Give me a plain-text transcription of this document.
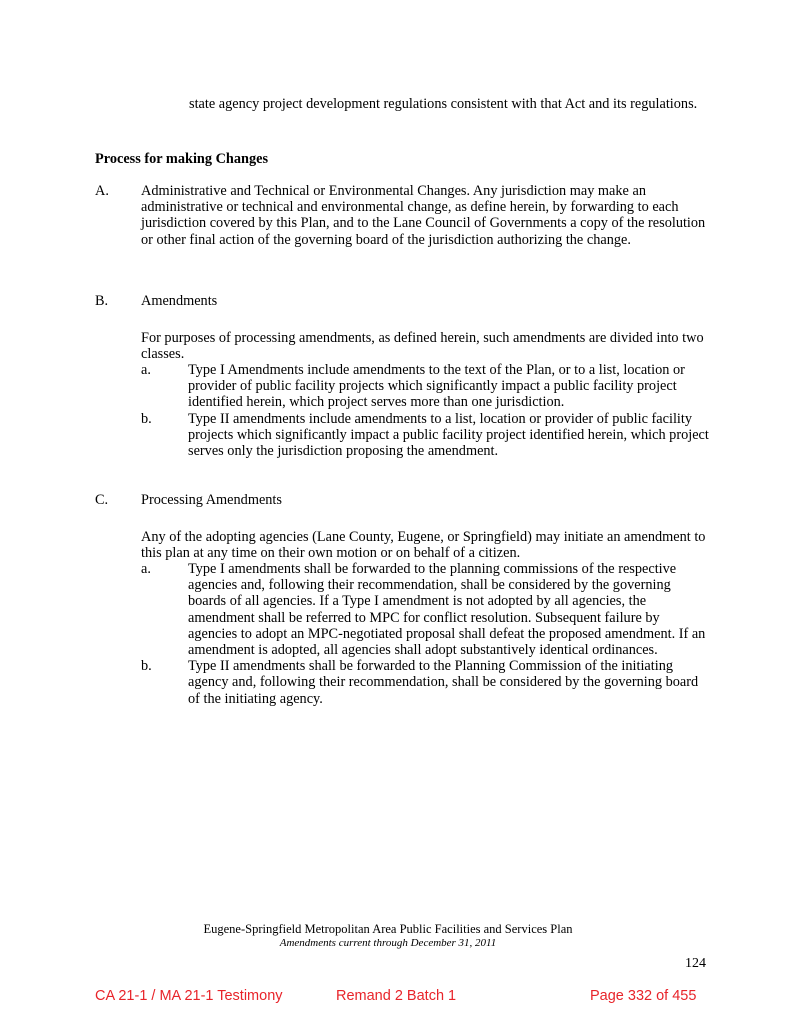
state agency project development regulations consistent with that Act and its regulations.

Process for making Changes

A.	Administrative and Technical or Environmental Changes. Any jurisdiction may make an administrative or technical and environmental change, as define herein, by forwarding to each jurisdiction covered by this Plan, and to the Lane Council of Governments a copy of the resolution or other final action of the governing board of the jurisdiction authorizing the change.

B.	Amendments

For purposes of processing amendments, as defined herein, such amendments are divided into two classes.

a.	Type I Amendments include amendments to the text of the Plan, or to a list, location or provider of public facility projects which significantly impact a public facility project identified herein, which project serves more than one jurisdiction.

b.	Type II amendments include amendments to a list, location or provider of public facility projects which significantly impact a public facility project identified herein, which project serves only the jurisdiction proposing the amendment.

C.	Processing Amendments

Any of the adopting agencies (Lane County, Eugene, or Springfield) may initiate an amendment to this plan at any time on their own motion or on behalf of a citizen.

a.	Type I amendments shall be forwarded to the planning commissions of the respective agencies and, following their recommendation, shall be considered by the governing boards of all agencies. If a Type I amendment is not adopted by all agencies, the amendment shall be referred to MPC for conflict resolution. Subsequent failure by agencies to adopt an MPC-negotiated proposal shall defeat the proposed amendment. If an amendment is adopted, all agencies shall adopt substantively identical ordinances.

b.	Type II amendments shall be forwarded to the Planning Commission of the initiating agency and, following their recommendation, shall be considered by the governing board of the initiating agency.

Eugene-Springfield Metropolitan Area Public Facilities and Services Plan

Amendments current through December 31, 2011

124

CA 21-1 / MA 21-1 Testimony	Remand 2 Batch 1	Page 332 of 455
